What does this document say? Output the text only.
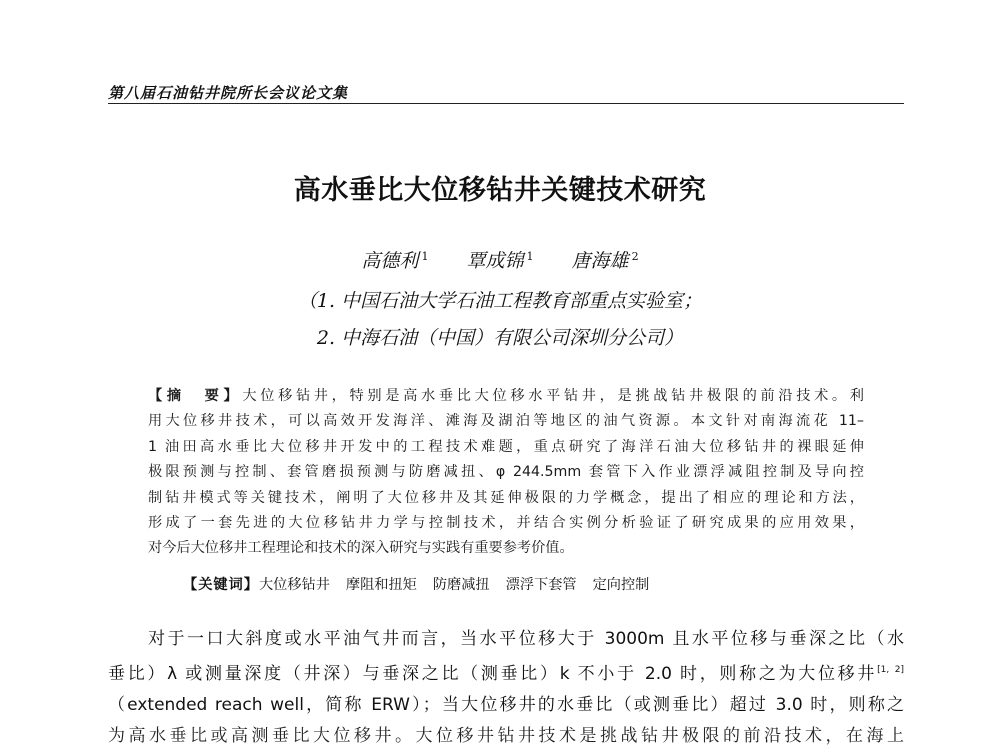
第八届石油钻井院所长会议论文集
高水垂比大位移钻井关键技术研究
高德利 $^1$ 覃成锦 $^1$ 唐海雄 $^2$
（1. 中国石油大学石油工程教育部重点实验室；
2. 中海石油（中国）有限公司深圳分公司）
【摘　要】大位移钻井，特别是高水垂比大位移水平钻井，是挑战钻井极限的前沿技术。利
用大位移井技术，可以高效开发海洋、滩海及湖泊等地区的油气资源。本文针对南海流花 11–
1 油田高水垂比大位移井开发中的工程技术难题，重点研究了海洋石油大位移钻井的裸眼延伸
极限预测与控制、套管磨损预测与防磨减扭、φ 244.5mm 套管下入作业漂浮减阻控制及导向控
制钻井模式等关键技术，阐明了大位移井及其延伸极限的力学概念，提出了相应的理论和方法，
形成了一套先进的大位移钻井力学与控制技术，并结合实例分析验证了研究成果的应用效果，
对今后大位移井工程理论和技术的深入研究与实践有重要参考价值。
【关键词】大位移钻井 摩阻和扭矩 防磨减扭 漂浮下套管 定向控制
对于一口大斜度或水平油气井而言，当水平位移大于 3000m 且水平位移与垂深之比（水
垂比）λ 或测量深度（井深）与垂深之比（测垂比）k 不小于 2.0 时，则称之为大位移井[1, 2]
（extended reach well，简称 ERW）；当大位移井的水垂比（或测垂比）超过 3.0 时，则称之
为高水垂比或高测垂比大位移井。大位移井钻井技术是挑战钻井极限的前沿技术，在海上
